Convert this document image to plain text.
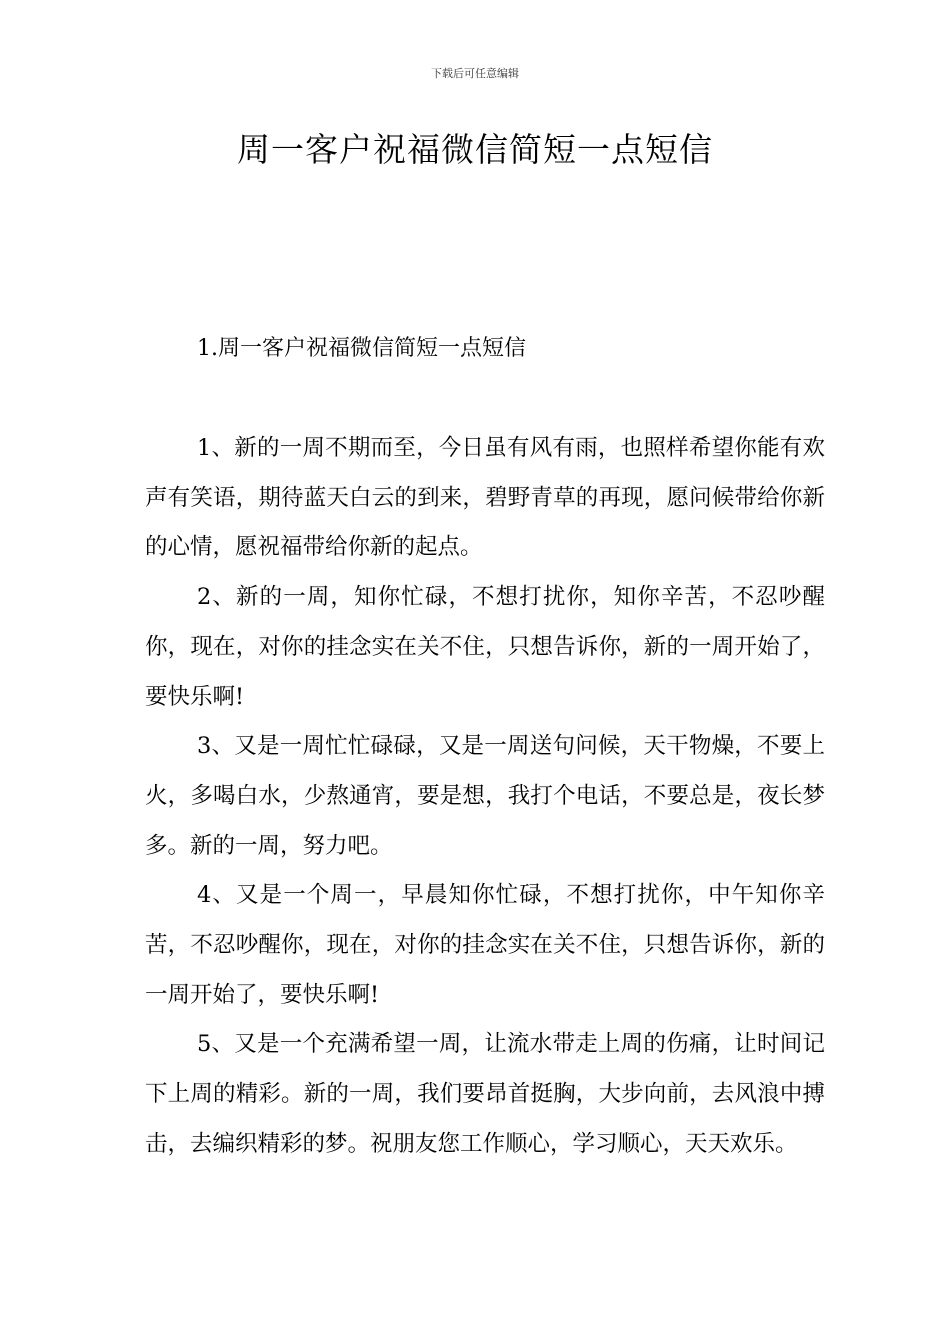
下载后可任意编辑
周一客户祝福微信简短一点短信
1.周一客户祝福微信简短一点短信

1、新的一周不期而至，今日虽有风有雨，也照样希望你能有欢声有笑语，期待蓝天白云的到来，碧野青草的再现，愿问候带给你新的心情，愿祝福带给你新的起点。

2、新的一周，知你忙碌，不想打扰你，知你辛苦，不忍吵醒你，现在，对你的挂念实在关不住，只想告诉你，新的一周开始了，要快乐啊!

3、又是一周忙忙碌碌，又是一周送句问候，天干物燥，不要上火，多喝白水，少熬通宵，要是想，我打个电话，不要总是，夜长梦多。新的一周，努力吧。

4、又是一个周一，早晨知你忙碌，不想打扰你，中午知你辛苦，不忍吵醒你，现在，对你的挂念实在关不住，只想告诉你，新的一周开始了，要快乐啊!

5、又是一个充满希望一周，让流水带走上周的伤痛，让时间记下上周的精彩。新的一周，我们要昂首挺胸，大步向前，去风浪中搏击，去编织精彩的梦。祝朋友您工作顺心，学习顺心，天天欢乐。
